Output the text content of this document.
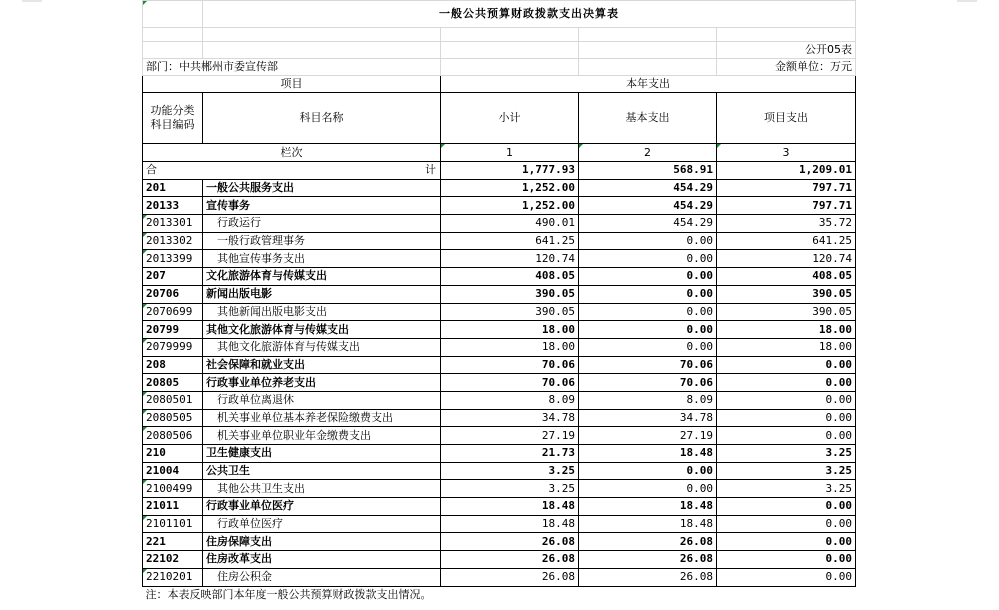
	一般公共预算财政拨款支出决算表			

				公开05表
部门：中共郴州市委宣传部				金额单位：万元
项目		本年支出		
功能分类
科目编码	科目名称	小计	基本支出	项目支出
栏次		1	2	3
合 计		1,777.93	568.91	1,209.01
201	一般公共服务支出	1,252.00	454.29	797.71
20133	宣传事务	1,252.00	454.29	797.71
2013301	行政运行	490.01	454.29	35.72
2013302	一般行政管理事务	641.25	0.00	641.25
2013399	其他宣传事务支出	120.74	0.00	120.74
207	文化旅游体育与传媒支出	408.05	0.00	408.05
20706	新闻出版电影	390.05	0.00	390.05
2070699	其他新闻出版电影支出	390.05	0.00	390.05
20799	其他文化旅游体育与传媒支出	18.00	0.00	18.00
2079999	其他文化旅游体育与传媒支出	18.00	0.00	18.00
208	社会保障和就业支出	70.06	70.06	0.00
20805	行政事业单位养老支出	70.06	70.06	0.00
2080501	行政单位离退休	8.09	8.09	0.00
2080505	机关事业单位基本养老保险缴费支出	34.78	34.78	0.00
2080506	机关事业单位职业年金缴费支出	27.19	27.19	0.00
210	卫生健康支出	21.73	18.48	3.25
21004	公共卫生	3.25	0.00	3.25
2100499	其他公共卫生支出	3.25	0.00	3.25
21011	行政事业单位医疗	18.48	18.48	0.00
2101101	行政单位医疗	18.48	18.48	0.00
221	住房保障支出	26.08	26.08	0.00
22102	住房改革支出	26.08	26.08	0.00
2210201	住房公积金	26.08	26.08	0.00
注：本表反映部门本年度一般公共预算财政拨款支出情况。				
